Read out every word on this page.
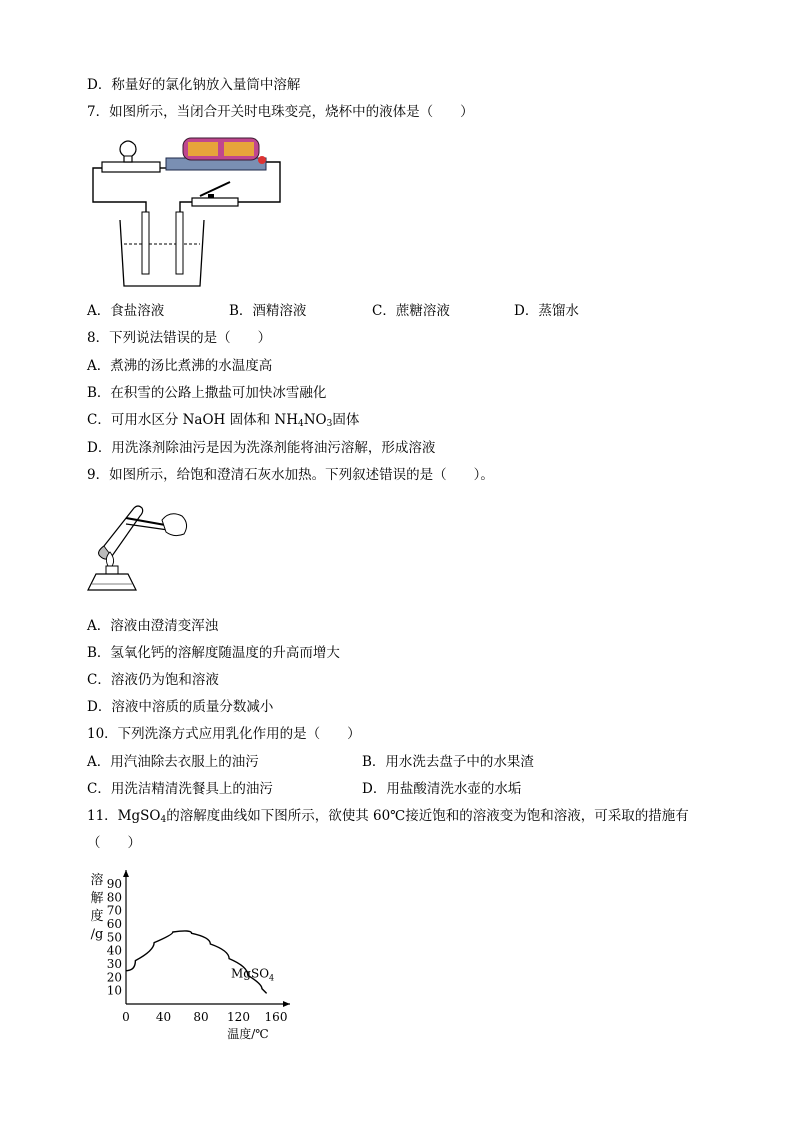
D．称量好的氯化钠放入量筒中溶解
7．如图所示，当闭合开关时电珠变亮，烧杯中的液体是（　　）
A．食盐溶液	B．酒精溶液	C．蔗糖溶液	D．蒸馏水
8．下列说法错误的是（　　）
A．煮沸的汤比煮沸的水温度高
B．在积雪的公路上撒盐可加快冰雪融化
C．可用水区分 NaOH 固体和 $NH_4NO_3$固体
D．用洗涤剂除油污是因为洗涤剂能将油污溶解，形成溶液
9．如图所示，给饱和澄清石灰水加热。下列叙述错误的是（　　）。
A．溶液由澄清变浑浊
B．氢氧化钙的溶解度随温度的升高而增大
C．溶液仍为饱和溶液
D．溶液中溶质的质量分数减小
10．下列洗涤方式应用乳化作用的是（　　）
A．用汽油除去衣服上的油污	B．用水洗去盘子中的水果渣
C．用洗洁精清洗餐具上的油污	D．用盐酸清洗水壶的水垢
11．MgSO$_4$的溶解度曲线如下图所示，欲使其 60℃接近饱和的溶液变为饱和溶液，可采取的措施有
（　　）
10
20
30
40
50
60
70
80
90
0 40 80 120 160
溶
解
度
/g
MgSO$_4$
温度/℃
